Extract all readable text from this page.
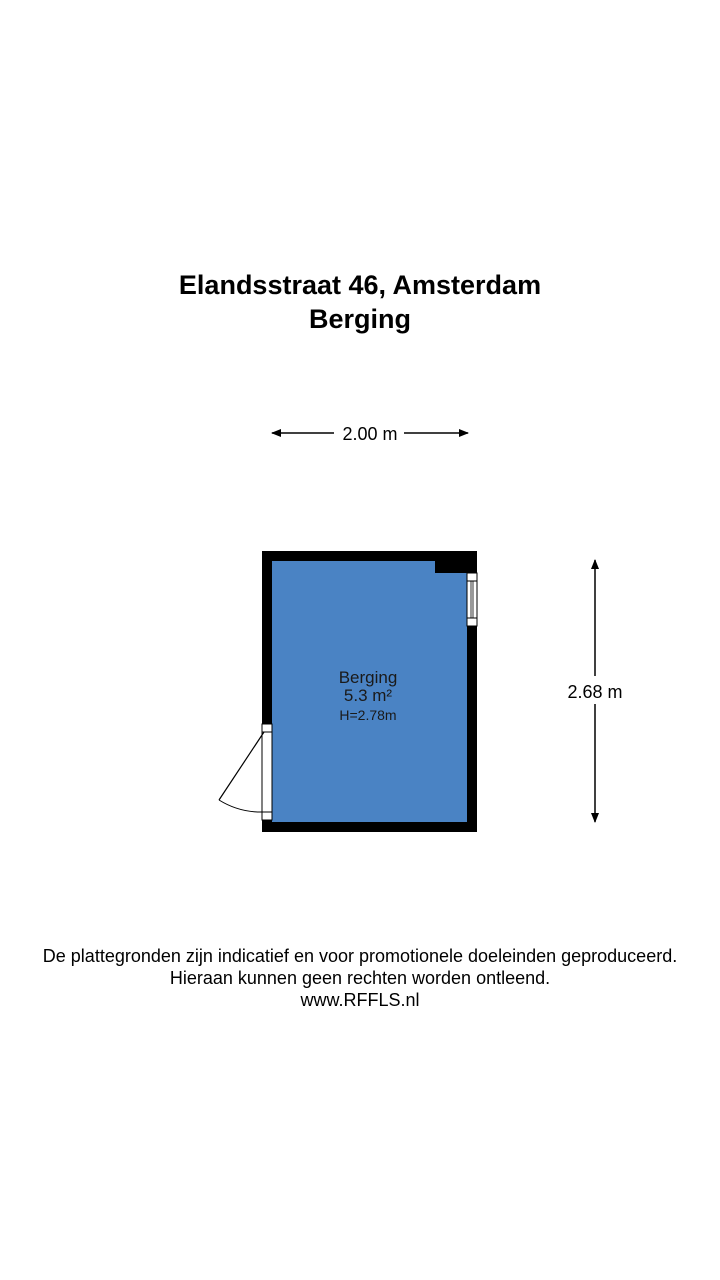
Elandsstraat 46, Amsterdam
Berging
2.00 m
2.68 m
Berging
5.3 m²
H=2.78m
De plattegronden zijn indicatief en voor promotionele doeleinden geproduceerd.
Hieraan kunnen geen rechten worden ontleend.
www.RFFLS.nl
